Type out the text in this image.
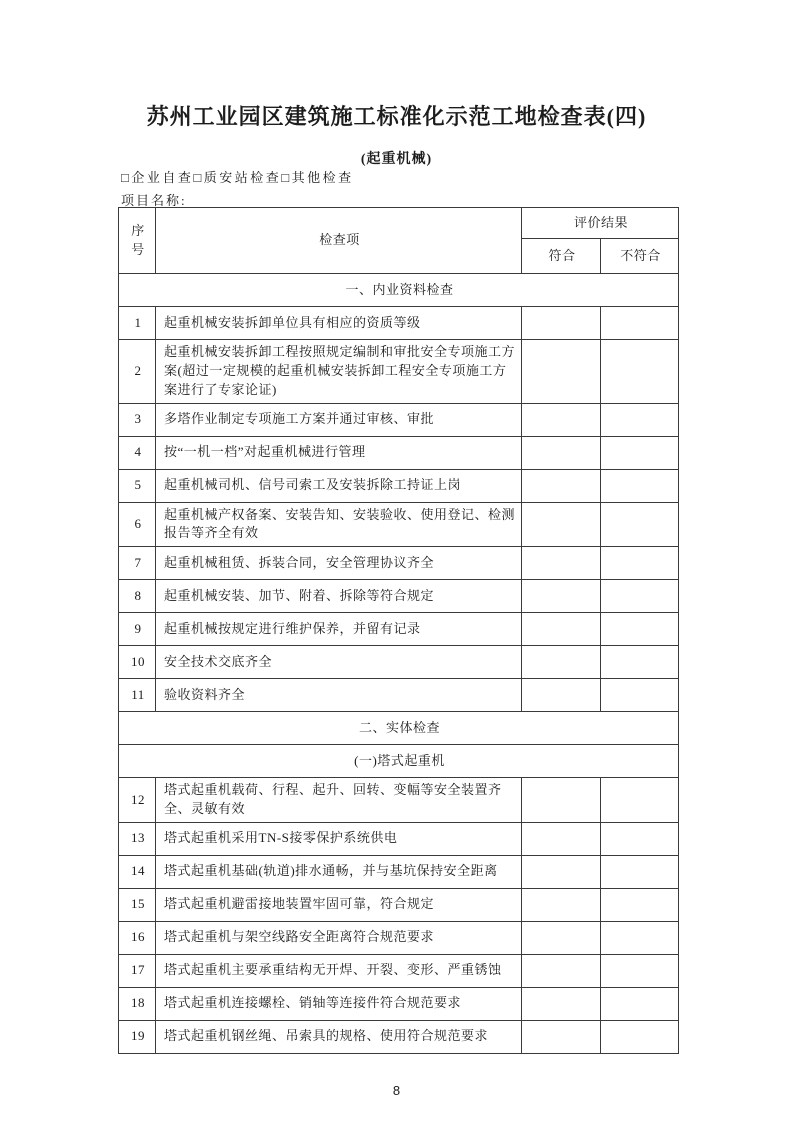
苏州工业园区建筑施工标准化示范工地检查表(四)
(起重机械)
□企业自查□质安站检查□其他检查
项目名称:
序号	检查项	评价结果	
		符合	不符合
一、内业资料检查			
1	起重机械安装拆卸单位具有相应的资质等级		
2	起重机械安装拆卸工程按照规定编制和审批安全专项施工方案(超过一定规模的起重机械安装拆卸工程安全专项施工方案进行了专家论证)		
3	多塔作业制定专项施工方案并通过审核、审批		
4	按“一机一档”对起重机械进行管理		
5	起重机械司机、信号司索工及安装拆除工持证上岗		
6	起重机械产权备案、安装告知、安装验收、使用登记、检测报告等齐全有效		
7	起重机械租赁、拆装合同，安全管理协议齐全		
8	起重机械安装、加节、附着、拆除等符合规定		
9	起重机械按规定进行维护保养，并留有记录		
10	安全技术交底齐全		
11	验收资料齐全		
二、实体检查			
(一)塔式起重机			
12	塔式起重机载荷、行程、起升、回转、变幅等安全装置齐全、灵敏有效		
13	塔式起重机采用TN-S接零保护系统供电		
14	塔式起重机基础(轨道)排水通畅，并与基坑保持安全距离		
15	塔式起重机避雷接地装置牢固可靠，符合规定		
16	塔式起重机与架空线路安全距离符合规范要求		
17	塔式起重机主要承重结构无开焊、开裂、变形、严重锈蚀		
18	塔式起重机连接螺栓、销轴等连接件符合规范要求		
19	塔式起重机钢丝绳、吊索具的规格、使用符合规范要求		
8
